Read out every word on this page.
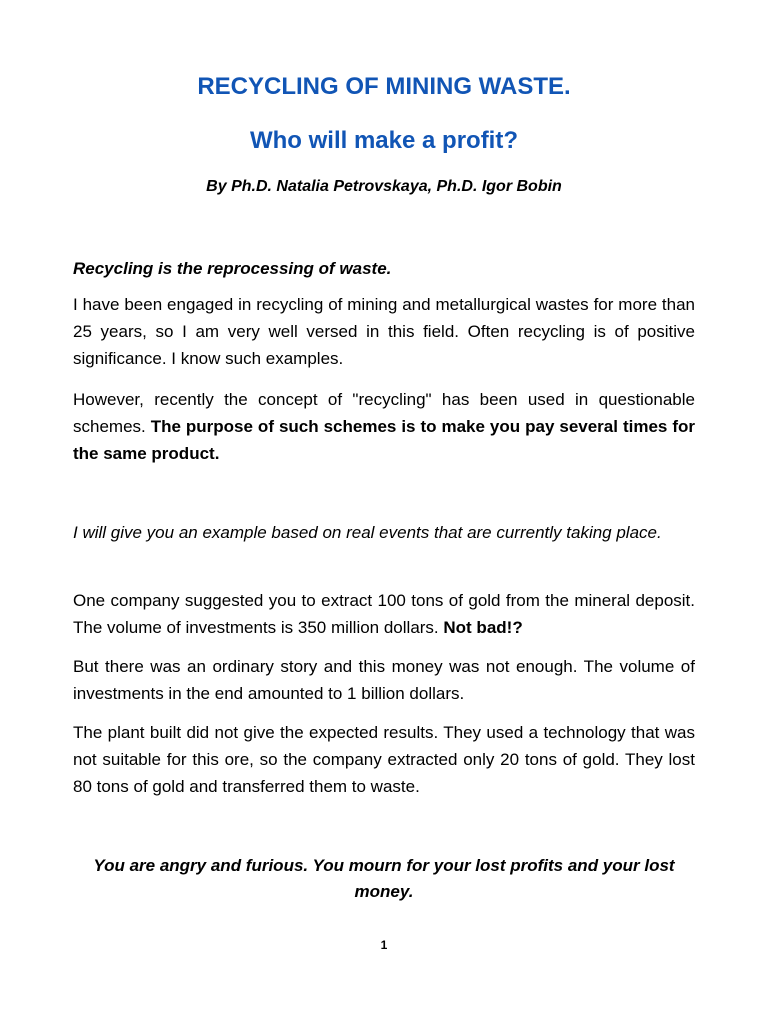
RECYCLING OF MINING WASTE.
Who will make a profit?

By Ph.D. Natalia Petrovskaya, Ph.D. Igor Bobin

Recycling is the reprocessing of waste.

I have been engaged in recycling of mining and metallurgical wastes for more than 25 years, so I am very well versed in this field. Often recycling is of positive significance. I know such examples.

However, recently the concept of "recycling" has been used in questionable schemes. The purpose of such schemes is to make you pay several times for the same product.

I will give you an example based on real events that are currently taking place.

One company suggested you to extract 100 tons of gold from the mineral deposit. The volume of investments is 350 million dollars. Not bad!?

But there was an ordinary story and this money was not enough. The volume of investments in the end amounted to 1 billion dollars.

The plant built did not give the expected results. They used a technology that was not suitable for this ore, so the company extracted only 20 tons of gold. They lost 80 tons of gold and transferred them to waste.

You are angry and furious. You mourn for your lost profits and your lost money.

1
